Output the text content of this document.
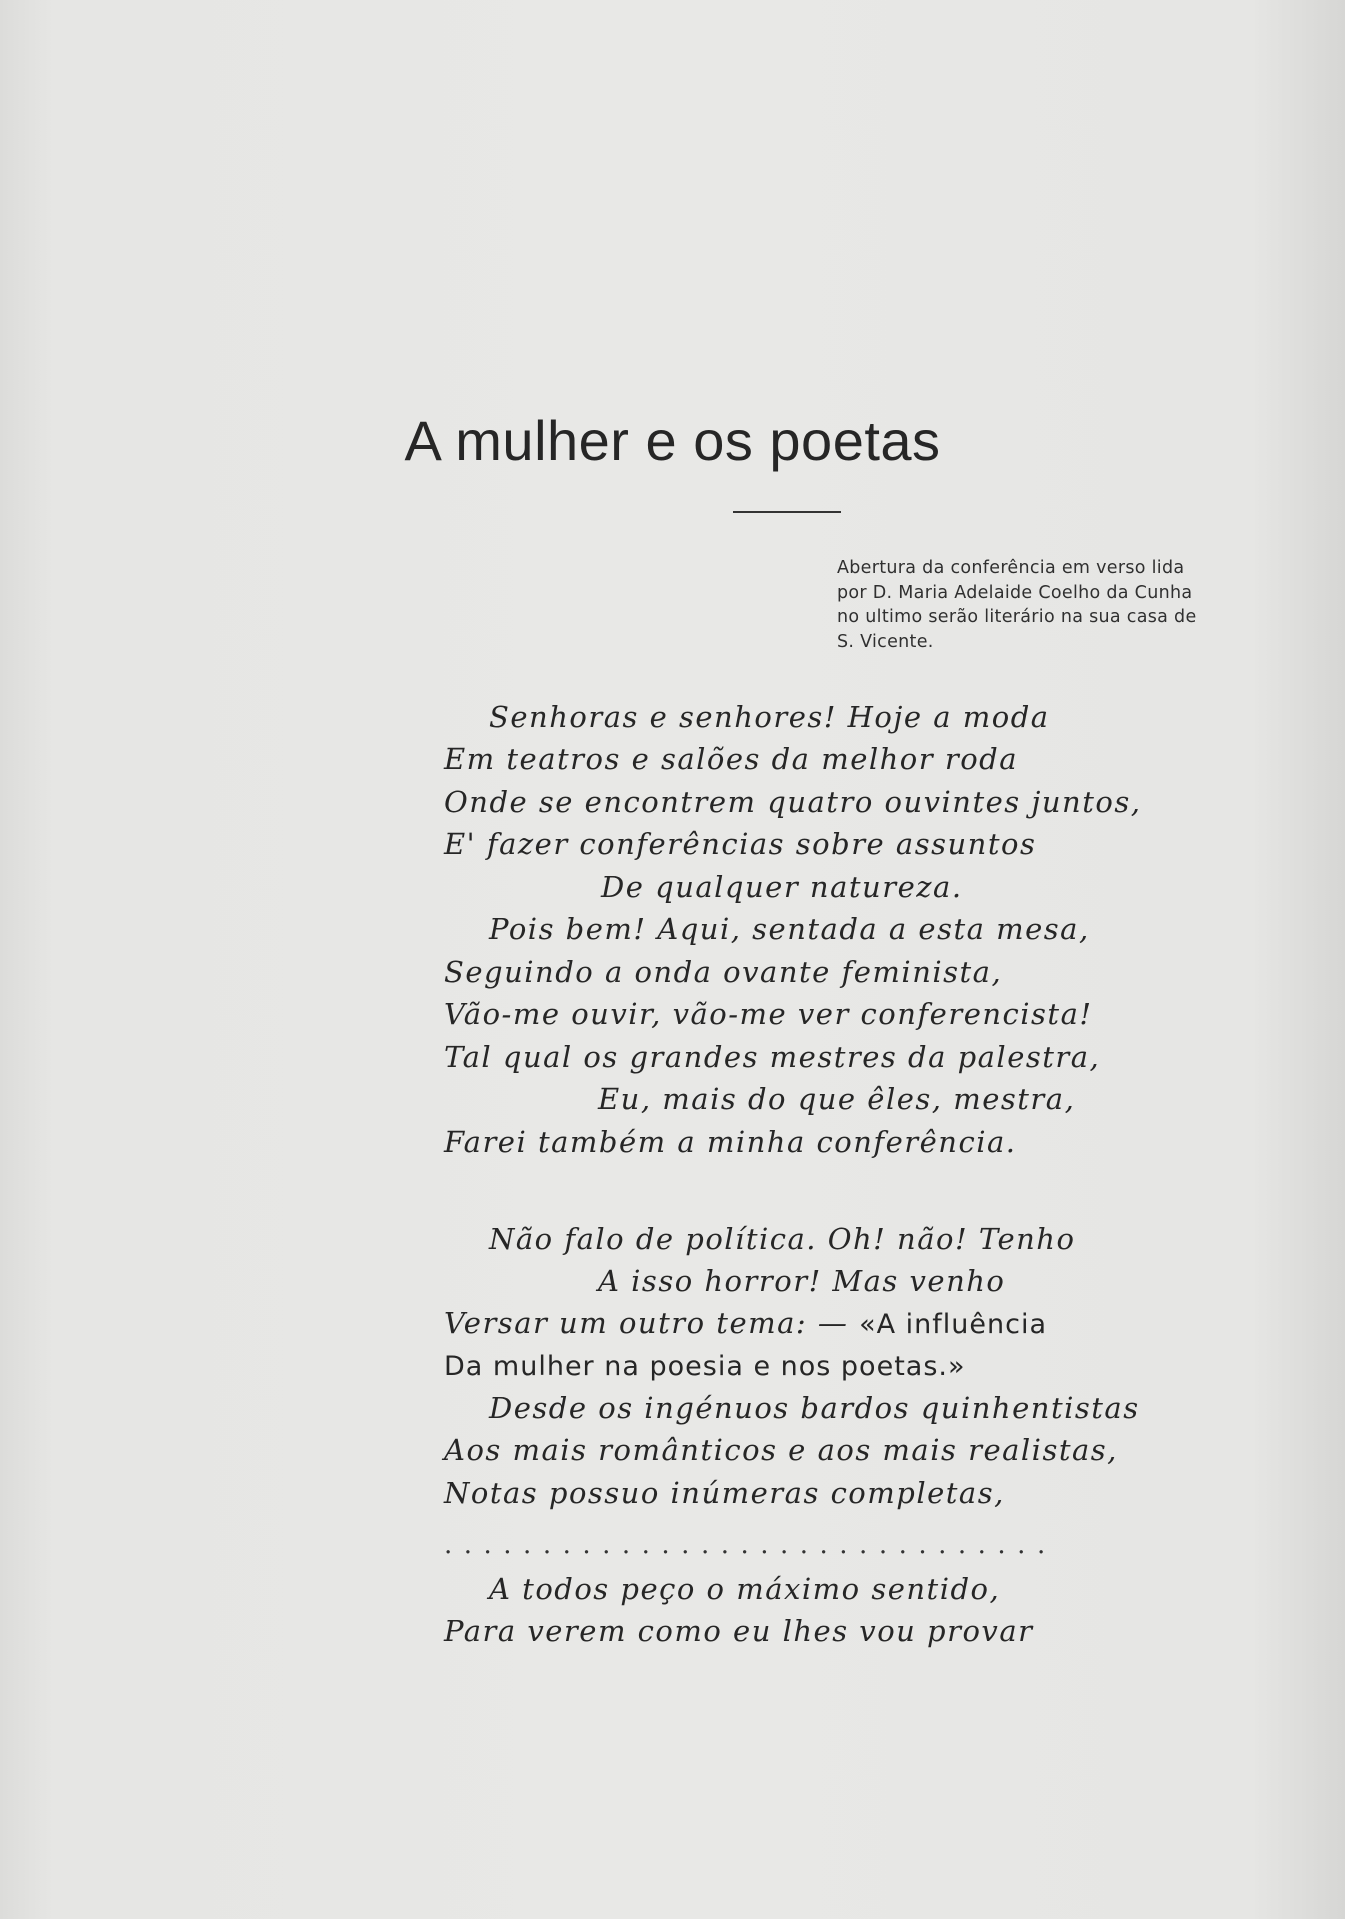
A mulher e os poetas
Abertura da conferência em verso lida
por D. Maria Adelaide Coelho da Cunha
no ultimo serão literário na sua casa de
S. Vicente.
Senhoras e senhores! Hoje a moda
Em teatros e salões da melhor roda
Onde se encontrem quatro ouvintes juntos,
E' fazer conferências sobre assuntos
De qualquer natureza.
Pois bem! Aqui, sentada a esta mesa,
Seguindo a onda ovante feminista,
Vão-me ouvir, vão-me ver conferencista!
Tal qual os grandes mestres da palestra,
Eu, mais do que êles, mestra,
Farei também a minha conferência.
Não falo de política. Oh! não! Tenho
A isso horror! Mas venho
Versar um outro tema: — «A influência
Da mulher na poesia e nos poetas.»
Desde os ingénuos bardos quinhentistas
Aos mais românticos e aos mais realistas,
Notas possuo inúmeras completas,
...............................
A todos peço o máximo sentido,
Para verem como eu lhes vou provar
